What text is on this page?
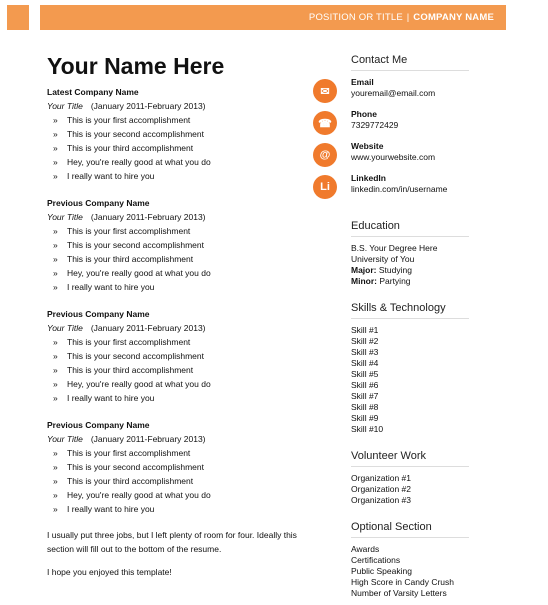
POSITION OR TITLE | COMPANY NAME
Your Name Here
Latest Company Name
Your Title (January 2011-February 2013)
» This is your first accomplishment
» This is your second accomplishment
» This is your third accomplishment
» Hey, you're really good at what you do
» I really want to hire you
Previous Company Name
Your Title (January 2011-February 2013)
» This is your first accomplishment
» This is your second accomplishment
» This is your third accomplishment
» Hey, you're really good at what you do
» I really want to hire you
Previous Company Name
Your Title (January 2011-February 2013)
» This is your first accomplishment
» This is your second accomplishment
» This is your third accomplishment
» Hey, you're really good at what you do
» I really want to hire you
Previous Company Name
Your Title (January 2011-February 2013)
» This is your first accomplishment
» This is your second accomplishment
» This is your third accomplishment
» Hey, you're really good at what you do
» I really want to hire you

I usually put three jobs, but I left plenty of room for four. Ideally this section will fill out to the bottom of the resume.

I hope you enjoyed this template!

Contact Me
✉
Email
youremail@email.com
☎
Phone
7329772429
@
Website
www.yourwebsite.com
Li
LinkedIn
linkedin.com/in/username
Education
B.S. Your Degree Here
University of You
Major: Studying
Minor: Partying
Skills & Technology
Skill #1
Skill #2
Skill #3
Skill #4
Skill #5
Skill #6
Skill #7
Skill #8
Skill #9
Skill #10
Volunteer Work
Organization #1
Organization #2
Organization #3
Optional Section
Awards
Certifications
Public Speaking
High Score in Candy Crush
Number of Varsity Letters
